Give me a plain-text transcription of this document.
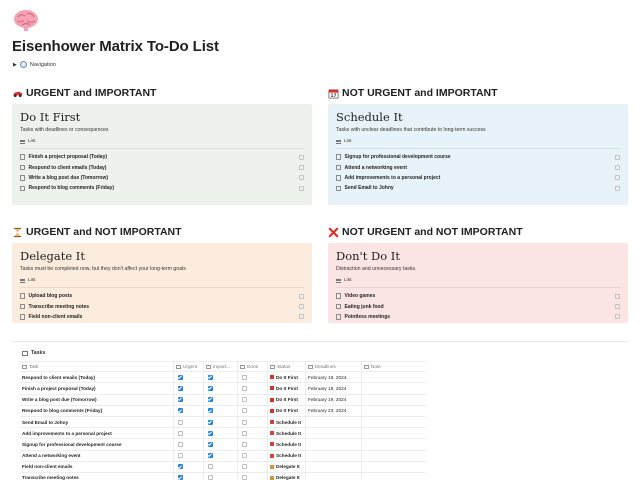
Eisenhower Matrix To-Do List
▶ Navigation
URGENT and IMPORTANT
Do It First
Tasks with deadlines or consequences
List
Finish a project proposal (Today)
Respond to client emails (Today)
Write a blog post due (Tomorrow)
Respond to blog comments (Friday)
17 NOT URGENT and IMPORTANT
Schedule It
Tasks with unclear deadlines that contribute to long-term success
List
Signup for professional development course
Attend a networking event
Add improvements to a personal project
Send Email to Johny
URGENT and NOT IMPORTANT
Delegate It
Tasks must be completed now, but they don't affect your long-term goals
List
Upload blog posts
Transcribe meeting notes
Field non-client emails
NOT URGENT and NOT IMPORTANT
Don't Do It
Distraction and unnecessary tasks.
List
Video games
Eating junk food
Pointless meetings
Tasks
Task	Urgent	Import...	Done	Status	Deadlines	Note
Respond to client emails (Today)	Do It First February 18, 2024
Finish a project proposal (Today)	Do It First February 18, 2024
Write a blog post due (Tomorrow)	Do It First February 19, 2024
Respond to blog comments (Friday)	Do It First February 23, 2024
Send Email to Johny	Schedule It
Add improvements to a personal project	Schedule It
Signup for professional development course	Schedule It
Attend a networking event	Schedule It
Field non-client emails	Delegate It
Transcribe meeting notes	Delegate It
